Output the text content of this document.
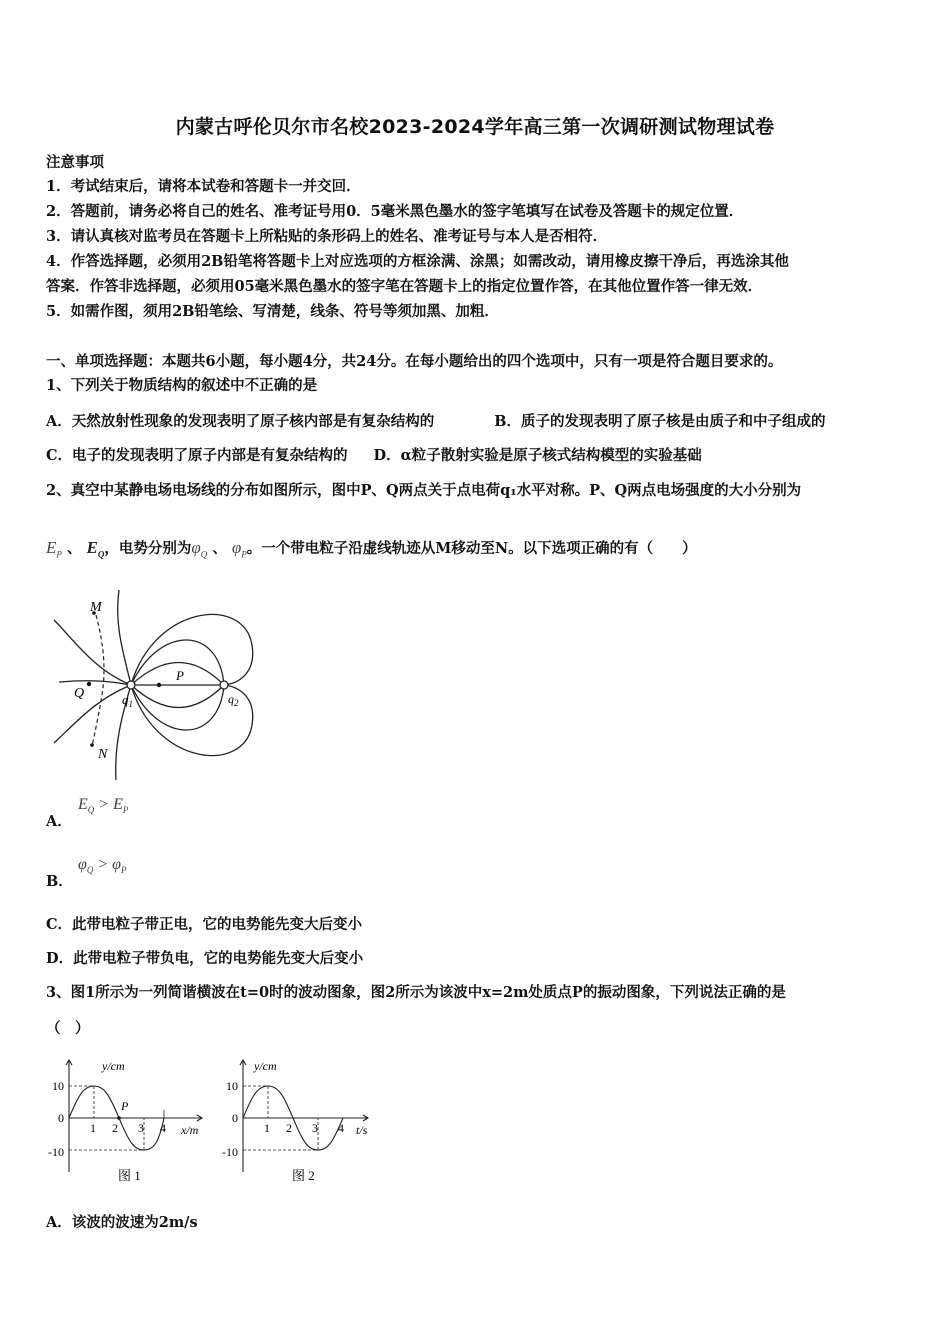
内蒙古呼伦贝尔市名校2023-2024学年高三第一次调研测试物理试卷
注意事项
1．考试结束后，请将本试卷和答题卡一并交回．
2．答题前，请务必将自己的姓名、准考证号用0．5毫米黑色墨水的签字笔填写在试卷及答题卡的规定位置．
3．请认真核对监考员在答题卡上所粘贴的条形码上的姓名、准考证号与本人是否相符．
4．作答选择题，必须用2B铅笔将答题卡上对应选项的方框涂满、涂黑；如需改动，请用橡皮擦干净后，再选涂其他
答案．作答非选择题，必须用05毫米黑色墨水的签字笔在答题卡上的指定位置作答，在其他位置作答一律无效．
5．如需作图，须用2B铅笔绘、写清楚，线条、符号等须加黑、加粗．
一、单项选择题：本题共6小题，每小题4分，共24分。在每小题给出的四个选项中，只有一项是符合题目要求的。
1、下列关于物质结构的叙述中不正确的是
A．天然放射性现象的发现表明了原子核内部是有复杂结构的	B．质子的发现表明了原子核是由质子和中子组成的
C．电子的发现表明了原子内部是有复杂结构的 D．α粒子散射实验是原子核式结构模型的实验基础
2、真空中某静电场电场线的分布如图所示，图中P、Q两点关于点电荷q₁水平对称。P、Q两点电场强度的大小分别为
$E_P$ 、 $E_Q$，电势分别为$\varphi_Q$ 、 $\varphi_P$。一个带电粒子沿虚线轨迹从M移动至N。以下选项正确的有（　　）
M
Q	$q_1$
P
$q_2$
N
A．
$E_Q > E_P$
B．
$\varphi_Q > \varphi_P$
C．此带电粒子带正电，它的电势能先变大后变小
D．此带电粒子带负电，它的电势能先变大后变小
3、图1所示为一列简谐横波在t=0时的波动图象，图2所示为该波中x=2m处质点P的振动图象，下列说法正确的是
（　）
y/cm
x/m
10
-10
0
1 2 3 4
P
图 1
y/cm
t/s
10
-10
0
1 2 3 4
图 2
A．该波的波速为2m/s
